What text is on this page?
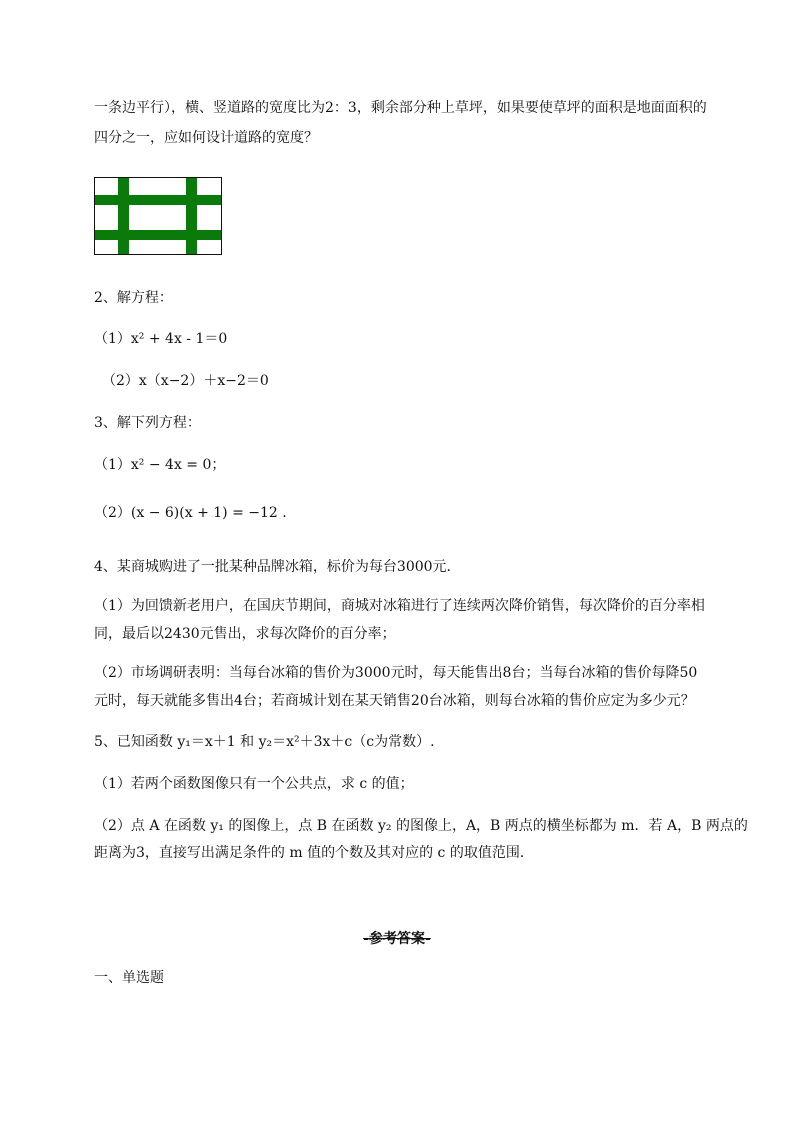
一条边平行），横、竖道路的宽度比为2：3，剩余部分种上草坪，如果要使草坪的面积是地面面积的
四分之一，应如何设计道路的宽度？
2、解方程：
（1）x² + 4x - 1＝0
（2）x（x−2）＋x−2＝0
3、解下列方程：
（1）x² − 4x = 0；
（2）(x − 6)(x + 1) = −12 .
4、某商城购进了一批某种品牌冰箱，标价为每台3000元．
（1）为回馈新老用户，在国庆节期间，商城对冰箱进行了连续两次降价销售，每次降价的百分率相
同，最后以2430元售出，求每次降价的百分率；
（2）市场调研表明：当每台冰箱的售价为3000元时，每天能售出8台；当每台冰箱的售价每降50
元时，每天就能多售出4台；若商城计划在某天销售20台冰箱，则每台冰箱的售价应定为多少元？
5、已知函数 y₁＝x＋1 和 y₂＝x²＋3x＋c（c为常数）.
（1）若两个函数图像只有一个公共点，求 c 的值；
（2）点 A 在函数 y₁ 的图像上，点 B 在函数 y₂ 的图像上，A，B 两点的横坐标都为 m．若 A，B 两点的
距离为3，直接写出满足条件的 m 值的个数及其对应的 c 的取值范围．
-参考答案-
一、单选题
